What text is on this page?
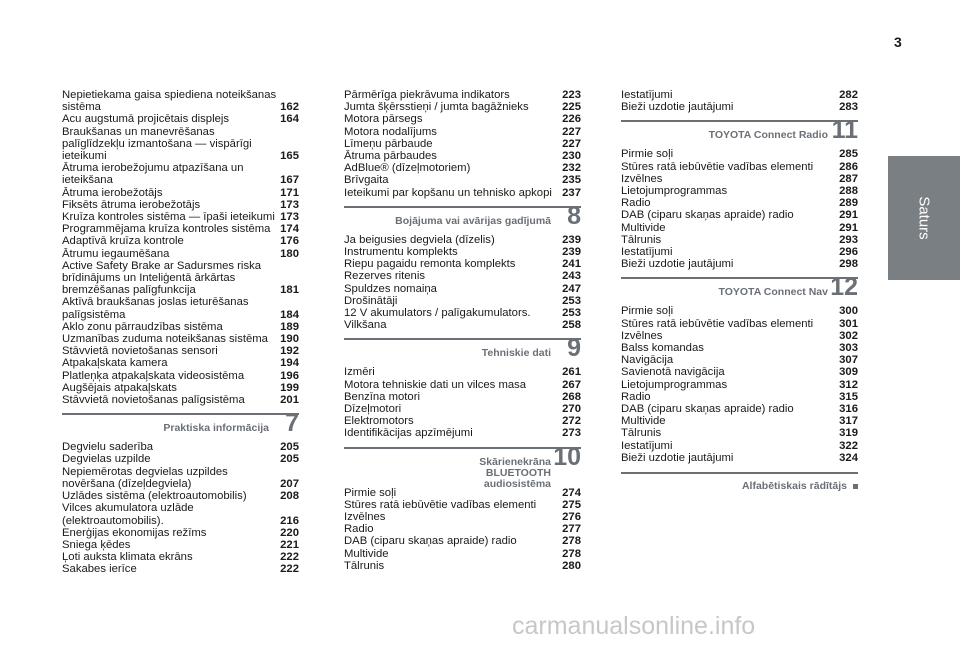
3
Saturs
Nepietiekama gaisa spiediena noteikšanas sistēma	162
Acu augstumā projicētais displejs	164
Braukšanas un manevrēšanas palīglīdzekļu izmantošana — vispārīgi ieteikumi	165
Ātruma ierobežojumu atpazīšana un ieteikšana	167
Ātruma ierobežotājs	171
Fiksēts ātruma ierobežotājs	173
Kruīza kontroles sistēma — īpaši ieteikumi 173
Programmējama kruīza kontroles sistēma 174
Adaptīvā kruīza kontrole	176
Ātrumu iegaumēšana	180
Active Safety Brake ar Sadursmes riska brīdinājums un Inteliģentā ārkārtas bremzēšanas palīgfunkcija	181
Aktīvā braukšanas joslas ieturēšanas palīgsistēma	184
Aklo zonu pārraudzības sistēma	189
Uzmanības zuduma noteikšanas sistēma	190
Stāvvietā novietošanas sensori	192
Atpakaļskata kamera	194
Platleņķa atpakaļskata videosistēma	196
Augšējais atpakaļskats	199
Stāvvietā novietošanas palīgsistēma	201
Praktiska informācija 7
Degvielu saderība	205
Degvielas uzpilde	205
Nepiemērotas degvielas uzpildes novēršana (dīzeļdegviela)	207
Uzlādes sistēma (elektroautomobilis)	208
Vilces akumulatora uzlāde (elektroautomobilis).	216
Enerģijas ekonomijas režīms	220
Sniega ķēdes	221
Ļoti auksta klimata ekrāns	222
Sakabes ierīce	222
Pārmērīga piekrāvuma indikators	223
Jumta šķērsstieņi / jumta bagāžnieks	225
Motora pārsegs	226
Motora nodalījums	227
Līmeņu pārbaude	227
Ātruma pārbaudes	230
AdBlue® (dīzeļmotoriem)	232
Brīvgaita	235
Ieteikumi par kopšanu un tehnisko apkopi 237
Bojājuma vai avārijas gadījumā 8
Ja beigusies degviela (dīzelis)	239
Instrumentu komplekts	239
Riepu pagaidu remonta komplekts	241
Rezerves ritenis	243
Spuldzes nomaiņa	247
Drošinātāji	253
12 V akumulators / palīgakumulators.	253
Vilkšana	258
Tehniskie dati 9
Izmēri	261
Motora tehniskie dati un vilces masa	267
Benzīna motori	268
Dīzeļmotori	270
Elektromotors	272
Identifikācijas apzīmējumi	273
Skārienekrāna BLUETOOTH audiosistēma
10
Pirmie soļi	274
Stūres ratā iebūvētie vadības elementi	275
Izvēlnes	276
Radio	277
DAB (ciparu skaņas apraide) radio	278
Multivide	278
Tālrunis	280
Iestatījumi	282
Bieži uzdotie jautājumi	283
TOYOTA Connect Radio 11
Pirmie soļi	285
Stūres ratā iebūvētie vadības elementi	286
Izvēlnes	287
Lietojumprogrammas	288
Radio	289
DAB (ciparu skaņas apraide) radio	291
Multivide	291
Tālrunis	293
Iestatījumi	296
Bieži uzdotie jautājumi	298
TOYOTA Connect Nav 12
Pirmie soļi	300
Stūres ratā iebūvētie vadības elementi	301
Izvēlnes	302
Balss komandas	303
Navigācija	307
Savienotā navigācija	309
Lietojumprogrammas	312
Radio	315
DAB (ciparu skaņas apraide) radio	316
Multivide	317
Tālrunis	319
Iestatījumi	322
Bieži uzdotie jautājumi	324
Alfabētiskais rādītājs
carmanualsonline.info
